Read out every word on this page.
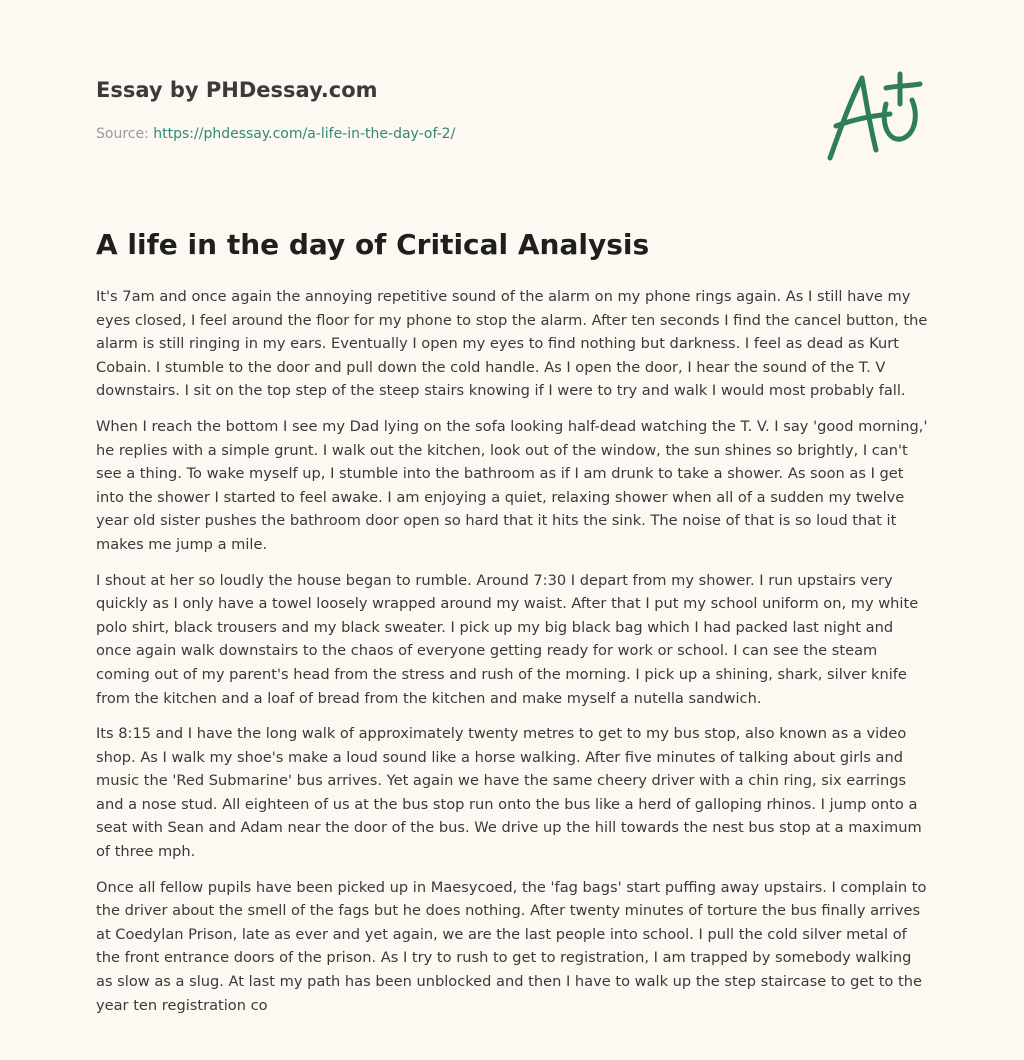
Essay by PHDessay.com
Source: https://phdessay.com/a-life-in-the-day-of-2/
A life in the day of Critical Analysis

It's 7am and once again the annoying repetitive sound of the alarm on my phone rings again. As I still have my eyes closed, I feel around the floor for my phone to stop the alarm. After ten seconds I find the cancel button, the alarm is still ringing in my ears. Eventually I open my eyes to find nothing but darkness. I feel as dead as Kurt Cobain. I stumble to the door and pull down the cold handle. As I open the door, I hear the sound of the T. V downstairs. I sit on the top step of the steep stairs knowing if I were to try and walk I would most probably fall.

When I reach the bottom I see my Dad lying on the sofa looking half-dead watching the T. V. I say 'good morning,' he replies with a simple grunt. I walk out the kitchen, look out of the window, the sun shines so brightly, I can't see a thing. To wake myself up, I stumble into the bathroom as if I am drunk to take a shower. As soon as I get into the shower I started to feel awake. I am enjoying a quiet, relaxing shower when all of a sudden my twelve year old sister pushes the bathroom door open so hard that it hits the sink. The noise of that is so loud that it makes me jump a mile.

I shout at her so loudly the house began to rumble. Around 7:30 I depart from my shower. I run upstairs very quickly as I only have a towel loosely wrapped around my waist. After that I put my school uniform on, my white polo shirt, black trousers and my black sweater. I pick up my big black bag which I had packed last night and once again walk downstairs to the chaos of everyone getting ready for work or school. I can see the steam coming out of my parent's head from the stress and rush of the morning. I pick up a shining, shark, silver knife from the kitchen and a loaf of bread from the kitchen and make myself a nutella sandwich.

Its 8:15 and I have the long walk of approximately twenty metres to get to my bus stop, also known as a video shop. As I walk my shoe's make a loud sound like a horse walking. After five minutes of talking about girls and music the 'Red Submarine' bus arrives. Yet again we have the same cheery driver with a chin ring, six earrings and a nose stud. All eighteen of us at the bus stop run onto the bus like a herd of galloping rhinos. I jump onto a seat with Sean and Adam near the door of the bus. We drive up the hill towards the nest bus stop at a maximum of three mph.

Once all fellow pupils have been picked up in Maesycoed, the 'fag bags' start puffing away upstairs. I complain to the driver about the smell of the fags but he does nothing. After twenty minutes of torture the bus finally arrives at Coedylan Prison, late as ever and yet again, we are the last people into school. I pull the cold silver metal of the front entrance doors of the prison. As I try to rush to get to registration, I am trapped by somebody walking as slow as a slug. At last my path has been unblocked and then I have to walk up the step staircase to get to the year ten registration co
